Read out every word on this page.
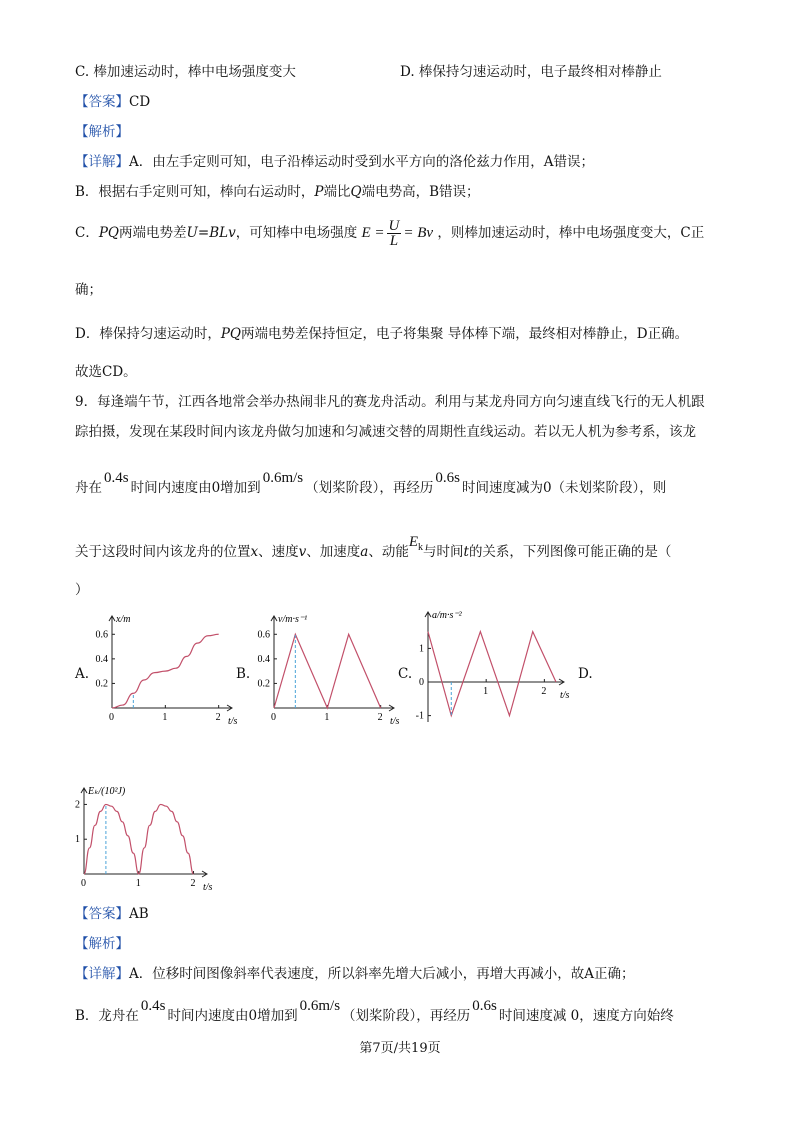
C. 棒加速运动时，棒中电场强度变大	D. 棒保持匀速运动时，电子最终相对棒静止
【答案】CD
【解析】
【详解】A．由左手定则可知，电子沿棒运动时受到水平方向的洛伦兹力作用，A错误；
B．根据右手定则可知，棒向右运动时，P端比Q端电势高，B错误；
C．PQ两端电势差U=BLv，可知棒中电场强度 $E = \frac{U}{L} = Bv$ ，则棒加速运动时，棒中电场强度变大，C正
确；
D．棒保持匀速运动时，PQ两端电势差保持恒定，电子将集聚 导体棒下端，最终相对棒静止，D正确。
故选CD。
9．每逢端午节，江西各地常会举办热闹非凡的赛龙舟活动。利用与某龙舟同方向匀速直线飞行的无人机跟
踪拍摄，发现在某段时间内该龙舟做匀加速和匀减速交替的周期性直线运动。若以无人机为参考系，该龙
舟在0.4s时间内速度由0增加到0.6m/s（划桨阶段），再经历0.6s时间速度减为0（未划桨阶段），则
关于这段时间内该龙舟的位置x、速度v、加速度a、动能$E_k$与时间t的关系，下列图像可能正确的是（
）
A.	B.	C.	D.
x/m
t/s
0	1	2
0.2
0.4
0.6
v/m·s⁻¹
t/s
0	1	2
0.2
0.4
0.6
a/m·s⁻²
t/s
1	2
1
0
-1
Eₖ/(10²J)
t/s
0	1	2
1
2
【答案】AB
【解析】
【详解】A．位移时间图像斜率代表速度，所以斜率先增大后减小，再增大再减小，故A正确；
B．龙舟在0.4s时间内速度由0增加到0.6m/s（划桨阶段），再经历0.6s时间速度减 0，速度方向始终
第7页/共19页
